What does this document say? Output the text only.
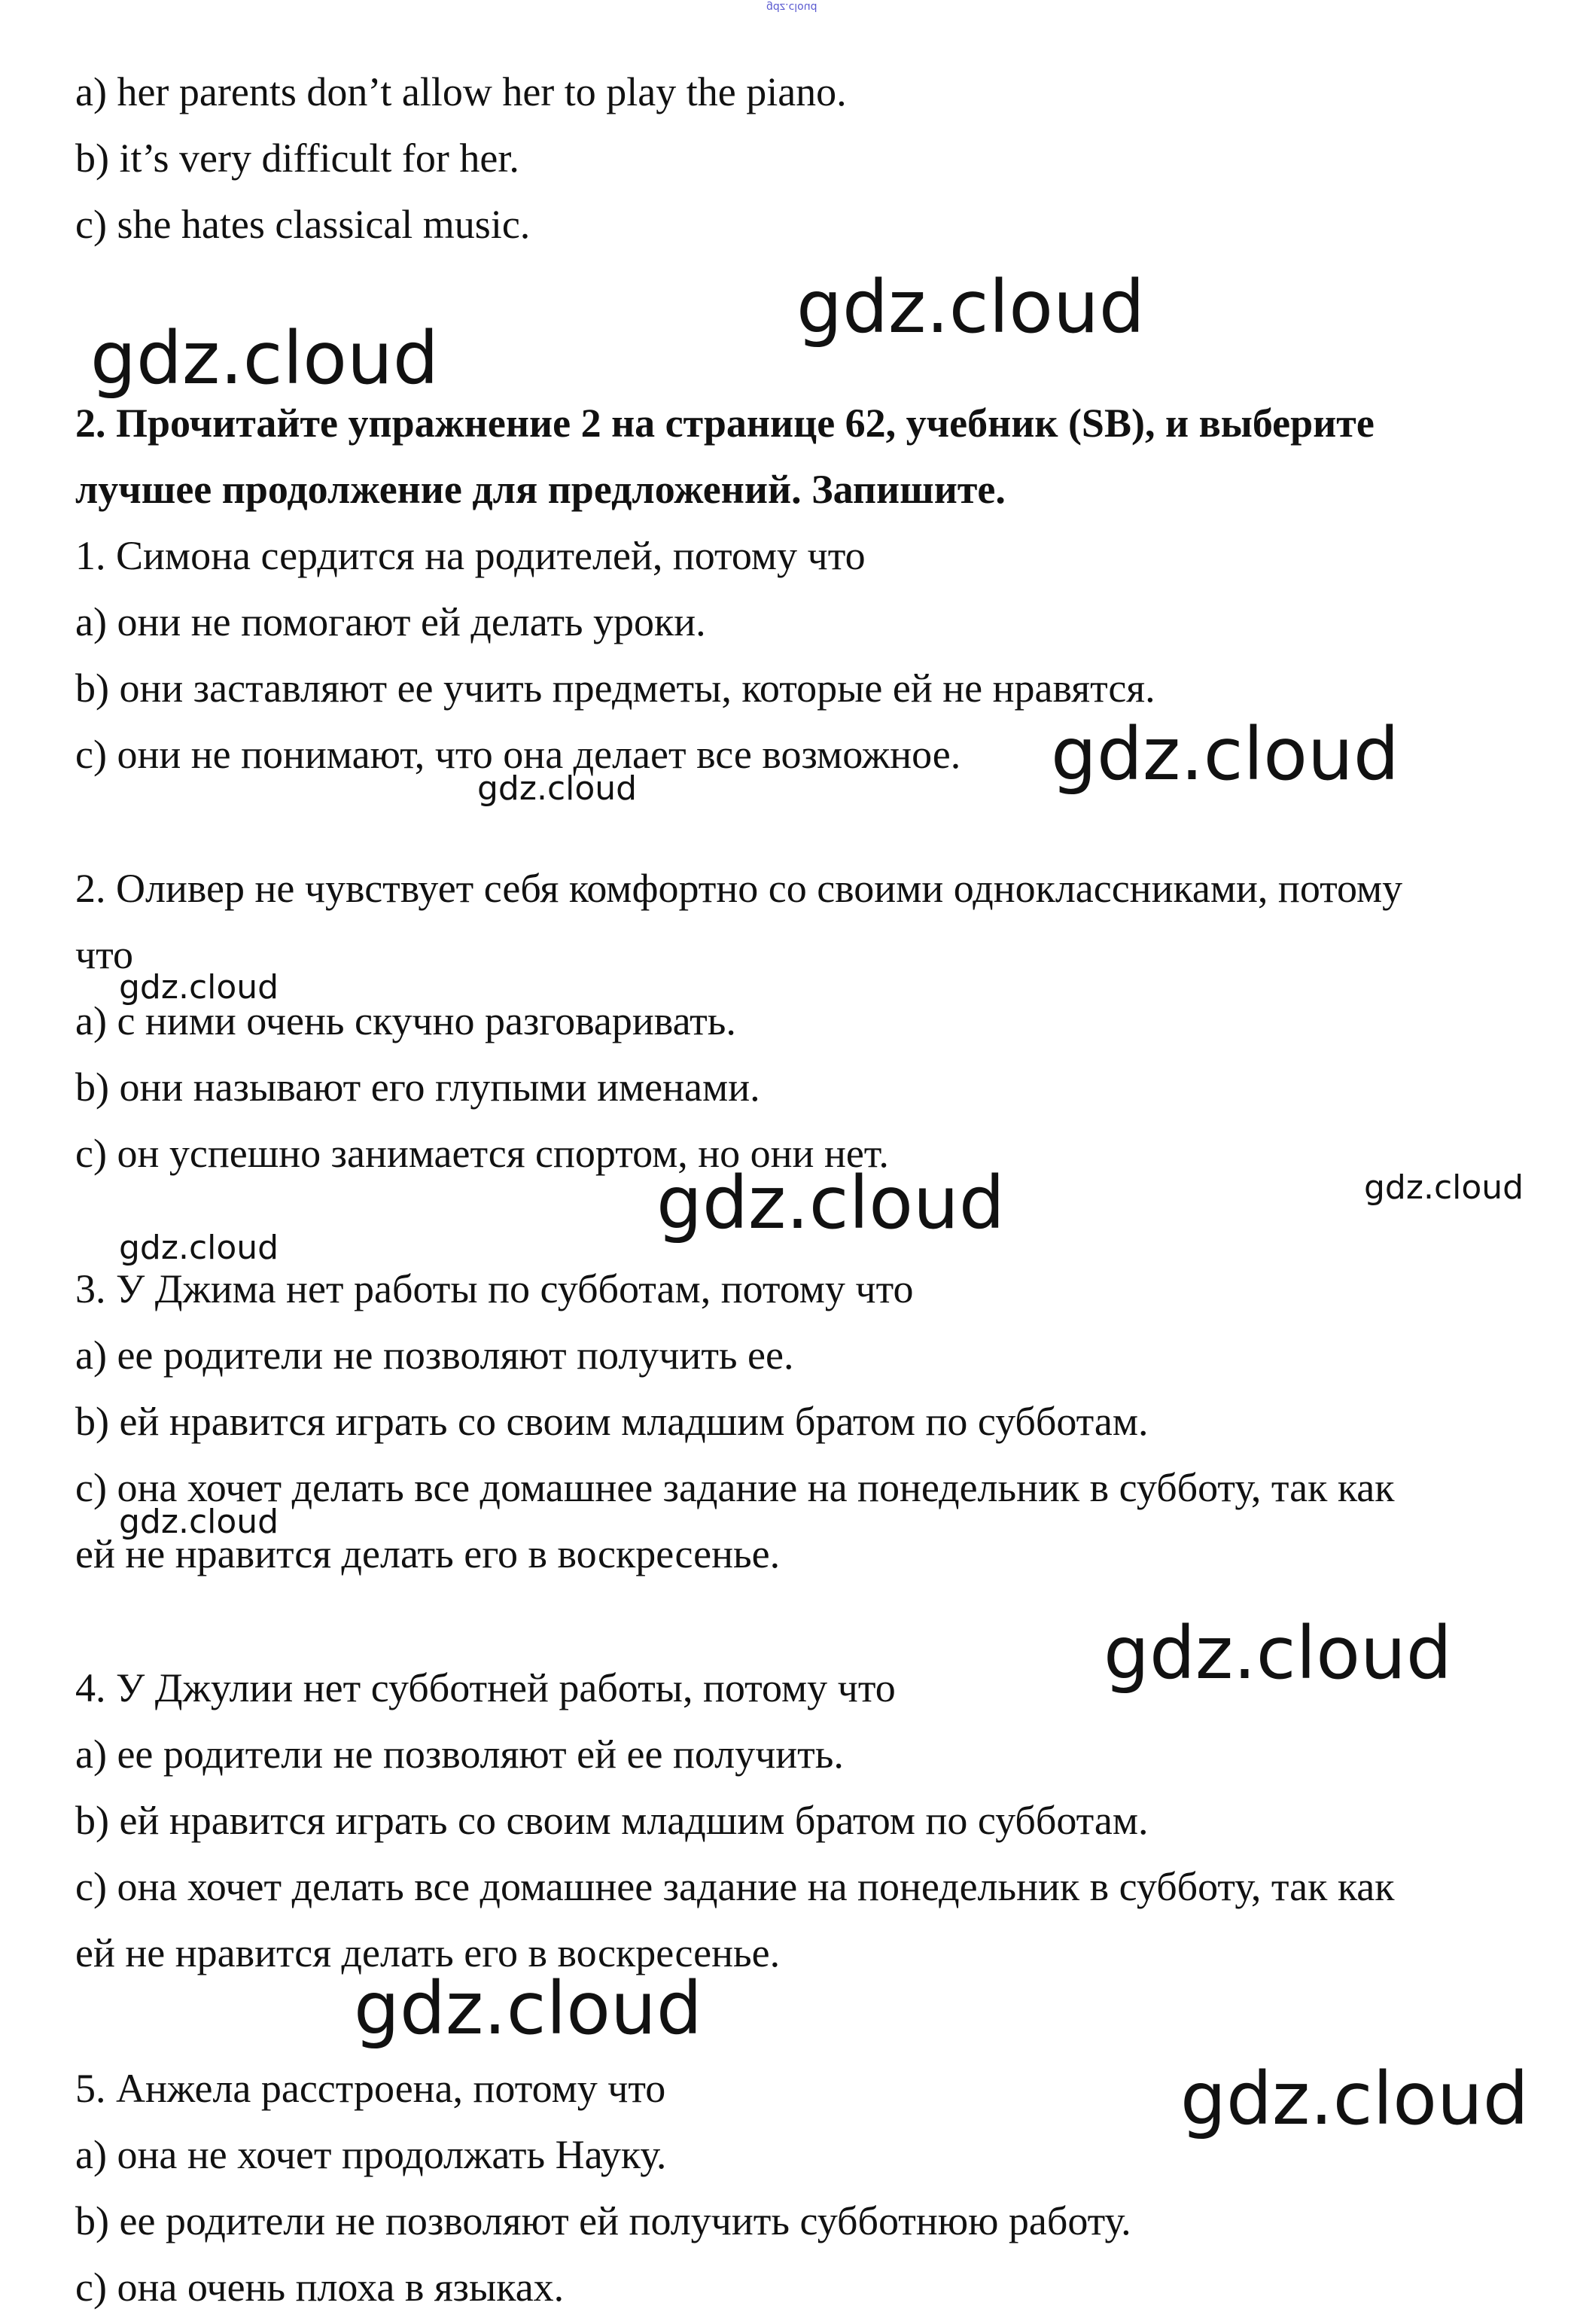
gdz.cloud
a) her parents don’t allow her to play the piano.
b) it’s very difficult for her.
c) she hates classical music.
2. Прочитайте упражнение 2 на странице 62, учебник (SB), и выберите
лучшее продолжение для предложений. Запишите.
1. Симона сердится на родителей, потому что
a) они не помогают ей делать уроки.
b) они заставляют ее учить предметы, которые ей не нравятся.
c) они не понимают, что она делает все возможное.
2. Оливер не чувствует себя комфортно со своими одноклассниками, потому
что
a) с ними очень скучно разговаривать.
b) они называют его глупыми именами.
c) он успешно занимается спортом, но они нет.
3. У Джима нет работы по субботам, потому что
a) ее родители не позволяют получить ее.
b) ей нравится играть со своим младшим братом по субботам.
c) она хочет делать все домашнее задание на понедельник в субботу, так как
ей не нравится делать его в воскресенье.
4. У Джулии нет субботней работы, потому что
a) ее родители не позволяют ей ее получить.
b) ей нравится играть со своим младшим братом по субботам.
c) она хочет делать все домашнее задание на понедельник в субботу, так как
ей не нравится делать его в воскресенье.
5. Анжела расстроена, потому что
a) она не хочет продолжать Науку.
b) ее родители не позволяют ей получить субботнюю работу.
c) она очень плоха в языках.
gdz.cloud
gdz.cloud
gdz.cloud
gdz.cloud
gdz.cloud
gdz.cloud	gdz.cloud
gdz.cloud
gdz.cloud
gdz.cloud
gdz.cloud
gdz.cloud
